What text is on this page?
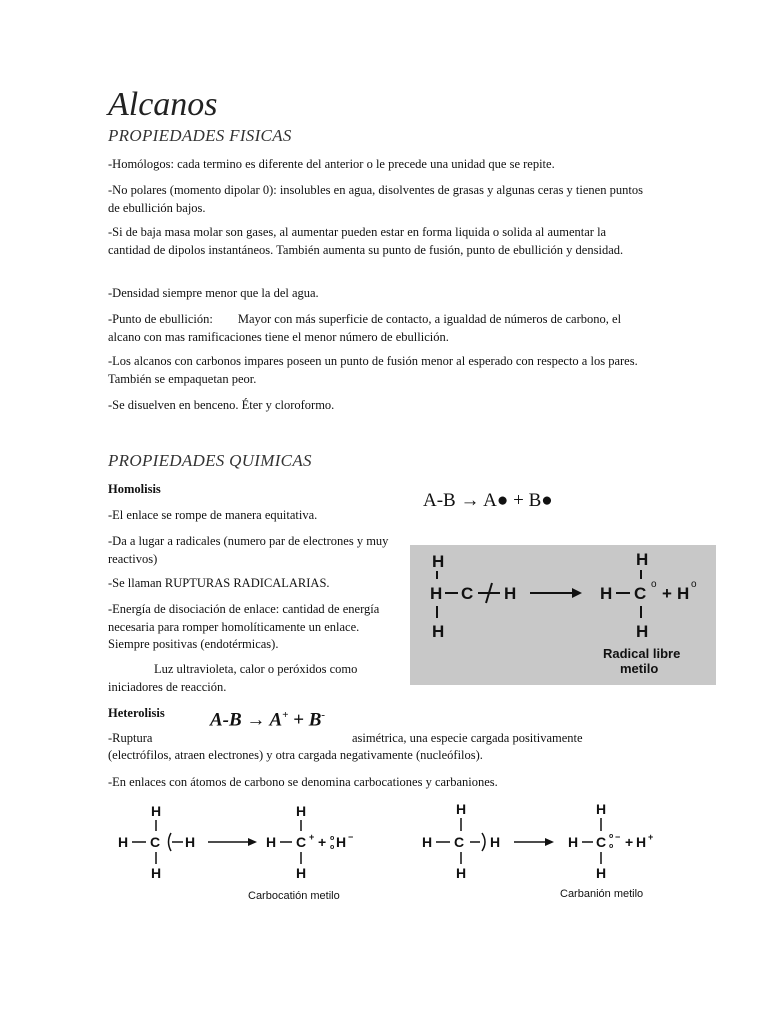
Alcanos
PROPIEDADES FISICAS
-Homólogos: cada termino es diferente del anterior o le precede una unidad que se repite.
-No polares (momento dipolar 0): insolubles en agua, disolventes de grasas y algunas ceras y tienen puntos de ebullición bajos.
-Si de baja masa molar son gases, al aumentar pueden estar en forma liquida o solida al aumentar la cantidad de dipolos instantáneos. También aumenta su punto de fusión, punto de ebullición y densidad.
-Densidad siempre menor que la del agua.
-Punto de ebullición:        Mayor con más superficie de contacto, a igualdad de números de carbono, el alcano con mas ramificaciones tiene el menor número de ebullición.
-Los alcanos con carbonos impares poseen un punto de fusión menor al esperado con respecto a los pares. También se empaquetan peor.
-Se disuelven en benceno. Éter y cloroformo.
PROPIEDADES QUIMICAS
Homolisis
A-B → A● + B●
-El enlace se rompe de manera equitativa.
-Da a lugar a radicales (numero par de electrones y muy reactivos)
-Se llaman RUPTURAS RADICALARIAS.
-Energía de disociación de enlace: cantidad de energía necesaria para romper homolíticamente un enlace. Siempre positivas (endotérmicas).
Luz ultravioleta, calor o peróxidos como iniciadores de reacción.
H
H C H
H
H
H C H
H
o	o
+
Radical libre
metilo
Heterolisis A-B → A+ + B-
-Ruptura	asimétrica, una especie cargada positivamente
(electrófilos, atraen electrones) y otra cargada negativamente (nucleófilos).
-En enlaces con átomos de carbono se denomina carbocationes y carbaniones.
H
H C H
H
H
H C +
H
+ o
o H −
Carbocatión metilo
H
H C H
H
H
H C o
o
−
H
+ H +
Carbanión metilo
